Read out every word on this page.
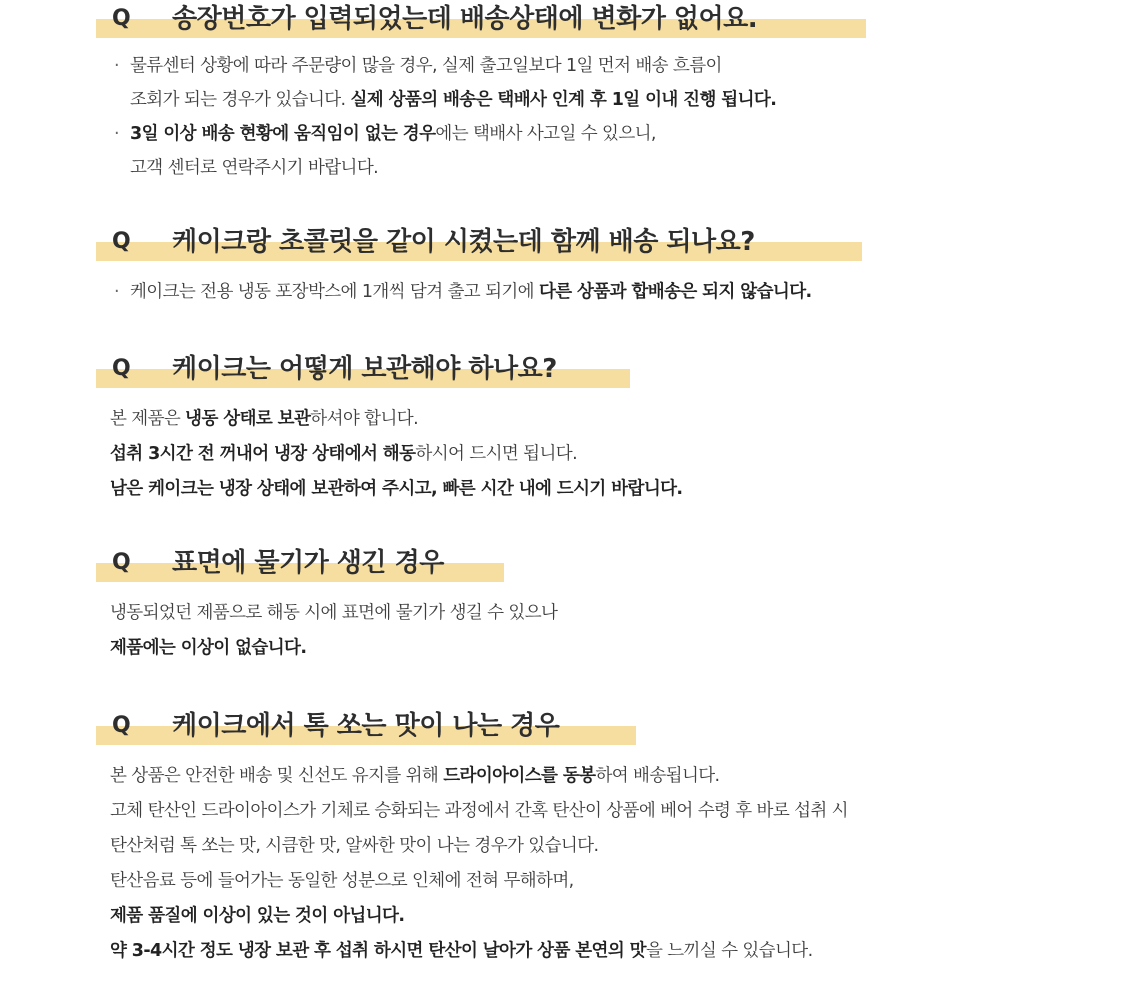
Q 송장번호가 입력되었는데 배송상태에 변화가 없어요.
· 물류센터 상황에 따라 주문량이 많을 경우, 실제 출고일보다 1일 먼저 배송 흐름이
조회가 되는 경우가 있습니다. 실제 상품의 배송은 택배사 인계 후 1일 이내 진행 됩니다.
· 3일 이상 배송 현황에 움직임이 없는 경우에는 택배사 사고일 수 있으니,
고객 센터로 연락주시기 바랍니다.
Q 케이크랑 초콜릿을 같이 시켰는데 함께 배송 되나요?
· 케이크는 전용 냉동 포장박스에 1개씩 담겨 출고 되기에 다른 상품과 합배송은 되지 않습니다.
Q 케이크는 어떻게 보관해야 하나요?
본 제품은 냉동 상태로 보관하셔야 합니다.
섭취 3시간 전 꺼내어 냉장 상태에서 해동하시어 드시면 됩니다.
남은 케이크는 냉장 상태에 보관하여 주시고, 빠른 시간 내에 드시기 바랍니다.
Q 표면에 물기가 생긴 경우
냉동되었던 제품으로 해동 시에 표면에 물기가 생길 수 있으나
제품에는 이상이 없습니다.
Q 케이크에서 톡 쏘는 맛이 나는 경우
본 상품은 안전한 배송 및 신선도 유지를 위해 드라이아이스를 동봉하여 배송됩니다.
고체 탄산인 드라이아이스가 기체로 승화되는 과정에서 간혹 탄산이 상품에 베어 수령 후 바로 섭취 시
탄산처럼 톡 쏘는 맛, 시큼한 맛, 알싸한 맛이 나는 경우가 있습니다.
탄산음료 등에 들어가는 동일한 성분으로 인체에 전혀 무해하며,
제품 품질에 이상이 있는 것이 아닙니다.
약 3-4시간 정도 냉장 보관 후 섭취 하시면 탄산이 날아가 상품 본연의 맛을 느끼실 수 있습니다.
